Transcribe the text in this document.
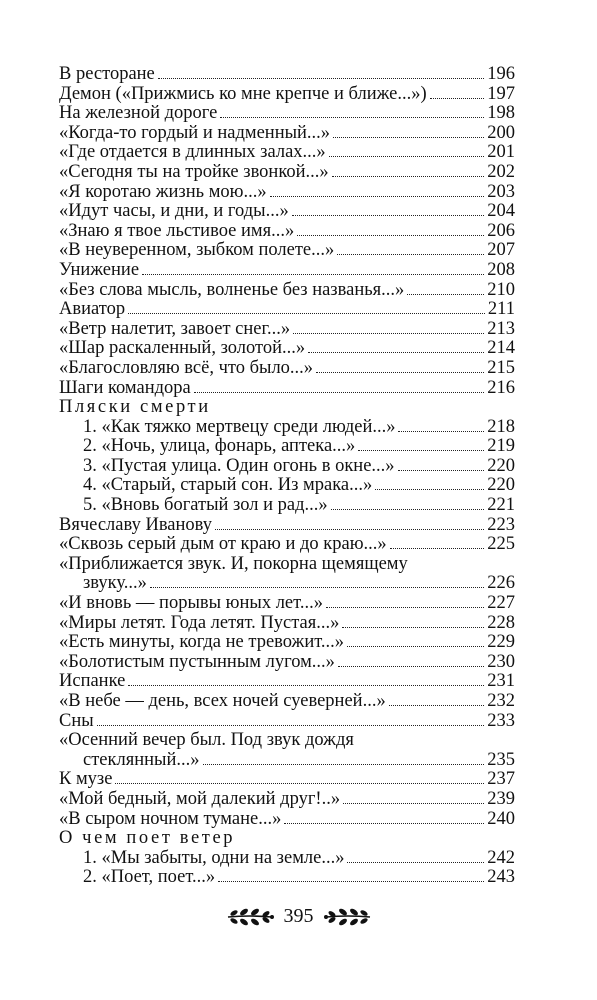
В ресторане	196
Демон («Прижмись ко мне крепче и ближе...»)	197
На железной дороге	198
«Когда-то гордый и надменный...»	200
«Где отдается в длинных залах...»	201
«Сегодня ты на тройке звонкой...»	202
«Я коротаю жизнь мою...»	203
«Идут часы, и дни, и годы...»	204
«Знаю я твое льстивое имя...»	206
«В неуверенном, зыбком полете...»	207
Унижение	208
«Без слова мысль, волненье без названья...»	210
Авиатор	211
«Ветр налетит, завоет снег...»	213
«Шар раскаленный, золотой...»	214
«Благословляю всё, что было...»	215
Шаги командора	216
Пляски смерти
1. «Как тяжко мертвецу среди людей...»	218
2. «Ночь, улица, фонарь, аптека...»	219
3. «Пустая улица. Один огонь в окне...»	220
4. «Старый, старый сон. Из мрака...»	220
5. «Вновь богатый зол и рад...»	221
Вячеславу Иванову	223
«Сквозь серый дым от краю и до краю...»	225
«Приближается звук. И, покорна щемящему
звуку...»	226
«И вновь — порывы юных лет...»	227
«Миры летят. Года летят. Пустая...»	228
«Есть минуты, когда не тревожит...»	229
«Болотистым пустынным лугом...»	230
Испанке	231
«В небе — день, всех ночей суеверней...»	232
Сны	233
«Осенний вечер был. Под звук дождя
стеклянный...»	235
К музе	237
«Мой бедный, мой далекий друг!..»	239
«В сыром ночном тумане...»	240
О чем поет ветер
1. «Мы забыты, одни на земле...»	242
2. «Поет, поет...»	243
395
